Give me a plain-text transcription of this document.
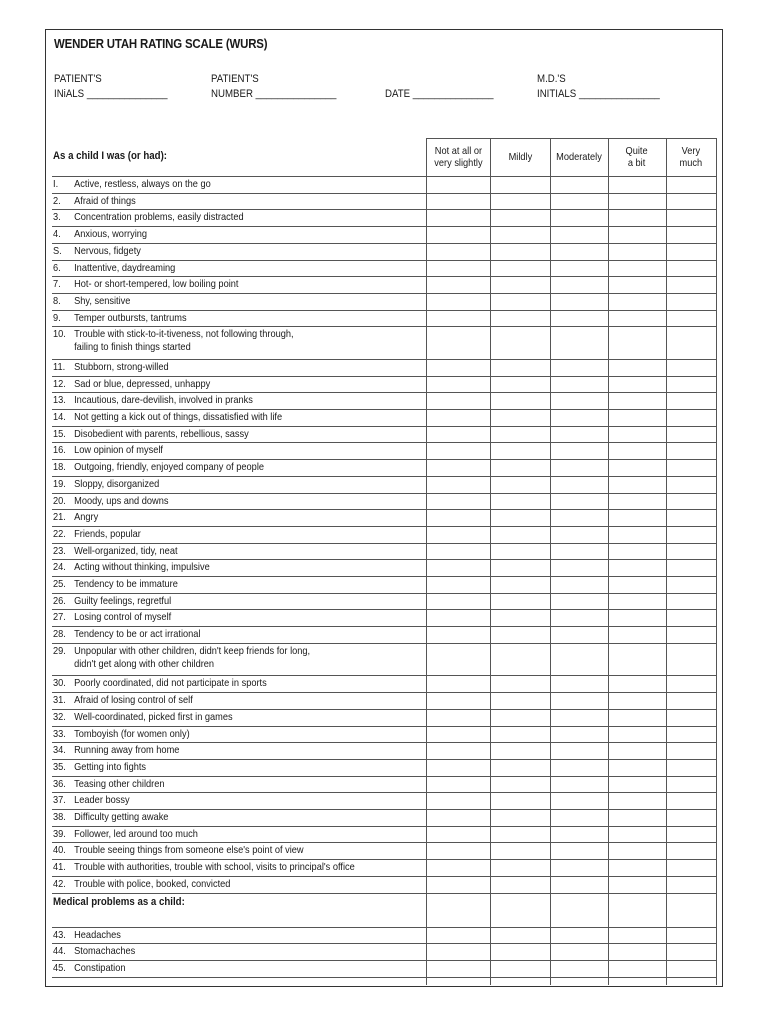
WENDER UTAH RATING SCALE (WURS)
PATIENT'S
INiALS _______________
PATIENT'S
NUMBER _______________	DATE _______________
M.D.'S
INITIALS _______________
As a child I was (or had):	Not at all or
very slightly Mildly Moderately Quite
a bit
Very
much
I. Active, restless, always on the go
2. Afraid of things
3. Concentration problems, easily distracted
4. Anxious, worrying
S. Nervous, fidgety
6. Inattentive, daydreaming
7. Hot- or short-tempered, low boiling point
8. Shy, sensitive
9. Temper outbursts, tantrums
10. Trouble with stick-to-it-tiveness, not following through,
failing to finish things started
11. Stubborn, strong-willed
12. Sad or blue, depressed, unhappy
13. Incautious, dare-devilish, involved in pranks
14. Not getting a kick out of things, dissatisfied with life
15. Disobedient with parents, rebellious, sassy
16. Low opinion of myself
18. Outgoing, friendly, enjoyed company of people
19. Sloppy, disorganized
20. Moody, ups and downs
21. Angry
22. Friends, popular
23. Well-organized, tidy, neat
24. Acting without thinking, impulsive
25. Tendency to be immature
26. Guilty feelings, regretful
27. Losing control of myself
28. Tendency to be or act irrational
29. Unpopular with other children, didn't keep friends for long,
didn't get along with other children
30. Poorly coordinated, did not participate in sports
31. Afraid of losing control of self
32. Well-coordinated, picked first in games
33. Tomboyish (for women only)
34. Running away from home
35. Getting into fights
36. Teasing other children
37. Leader bossy
38. Difficulty getting awake
39. Follower, led around too much
40. Trouble seeing things from someone else's point of view
41. Trouble with authorities, trouble with school, visits to principal's office
42. Trouble with police, booked, convicted
Medical problems as a child:
43. Headaches
44. Stomachaches
45. Constipation
